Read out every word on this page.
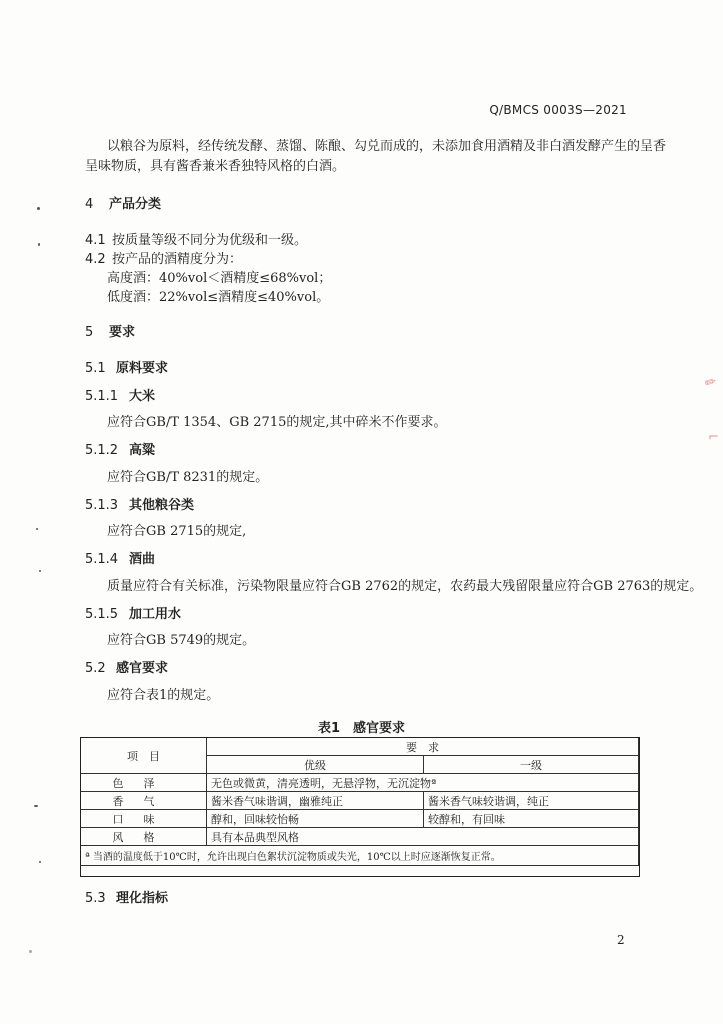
Q/BMCS 0003S—2021
以粮谷为原料，经传统发酵、蒸馏、陈酿、勾兑而成的，未添加食用酒精及非白酒发酵产生的呈香
呈味物质，具有酱香兼米香独特风格的白酒。
4 产品分类
4.1 按质量等级不同分为优级和一级。
4.2 按产品的酒精度分为：
高度酒：40%vol＜酒精度≤68%vol；
低度酒：22%vol≤酒精度≤40%vol。
5 要求
5.1 原料要求
5.1.1 大米
应符合GB/T 1354、GB 2715的规定,其中碎米不作要求。
5.1.2 高粱
应符合GB/T 8231的规定。
5.1.3 其他粮谷类
应符合GB 2715的规定,
5.1.4 酒曲
质量应符合有关标准，污染物限量应符合GB 2762的规定，农药最大残留限量应符合GB 2763的规定。
5.1.5 加工用水
应符合GB 5749的规定。
5.2 感官要求
应符合表1的规定。
表1　感官要求
项　目	要　求	
	优级	一级
色泽	无色或微黄，清亮透明，无悬浮物，无沉淀物ª	
香气	酱米香气味谐调，幽雅纯正	酱米香气味较谐调，纯正
口味	醇和，回味较怡畅	较醇和，有回味
风格	具有本品典型风格	
ª 当酒的温度低于10℃时，允许出现白色絮状沉淀物质或失光，10℃以上时应逐渐恢复正常。		
5.3 理化指标
2
✎
⌐
